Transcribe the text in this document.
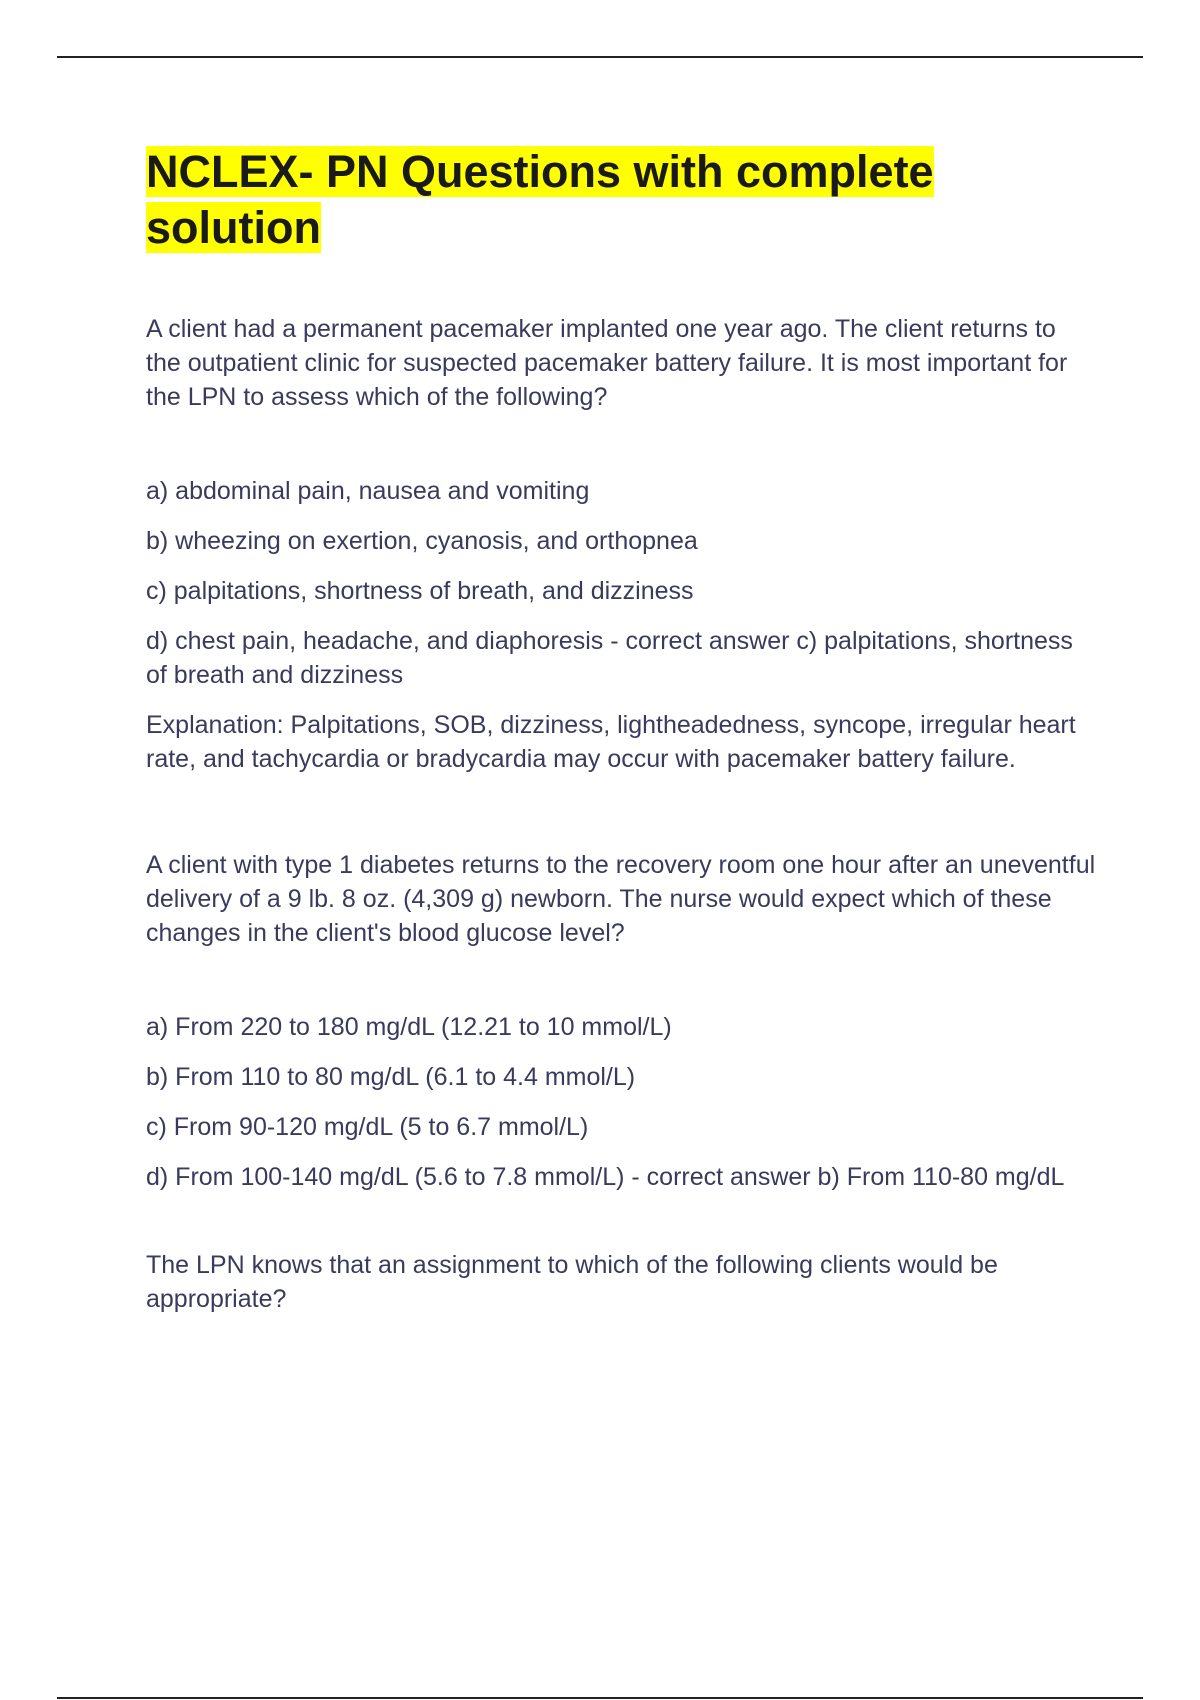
NCLEX- PN Questions with complete solution

A client had a permanent pacemaker implanted one year ago. The client returns to the outpatient clinic for suspected pacemaker battery failure. It is most important for the LPN to assess which of the following?

a) abdominal pain, nausea and vomiting

b) wheezing on exertion, cyanosis, and orthopnea

c) palpitations, shortness of breath, and dizziness

d) chest pain, headache, and diaphoresis - correct answer c) palpitations, shortness of breath and dizziness

Explanation: Palpitations, SOB, dizziness, lightheadedness, syncope, irregular heart rate, and tachycardia or bradycardia may occur with pacemaker battery failure.

A client with type 1 diabetes returns to the recovery room one hour after an uneventful delivery of a 9 lb. 8 oz. (4,309 g) newborn. The nurse would expect which of these changes in the client's blood glucose level?

a) From 220 to 180 mg/dL (12.21 to 10 mmol/L)

b) From 110 to 80 mg/dL (6.1 to 4.4 mmol/L)

c) From 90-120 mg/dL (5 to 6.7 mmol/L)

d) From 100-140 mg/dL (5.6 to 7.8 mmol/L) - correct answer b) From 110-80 mg/dL

The LPN knows that an assignment to which of the following clients would be appropriate?
